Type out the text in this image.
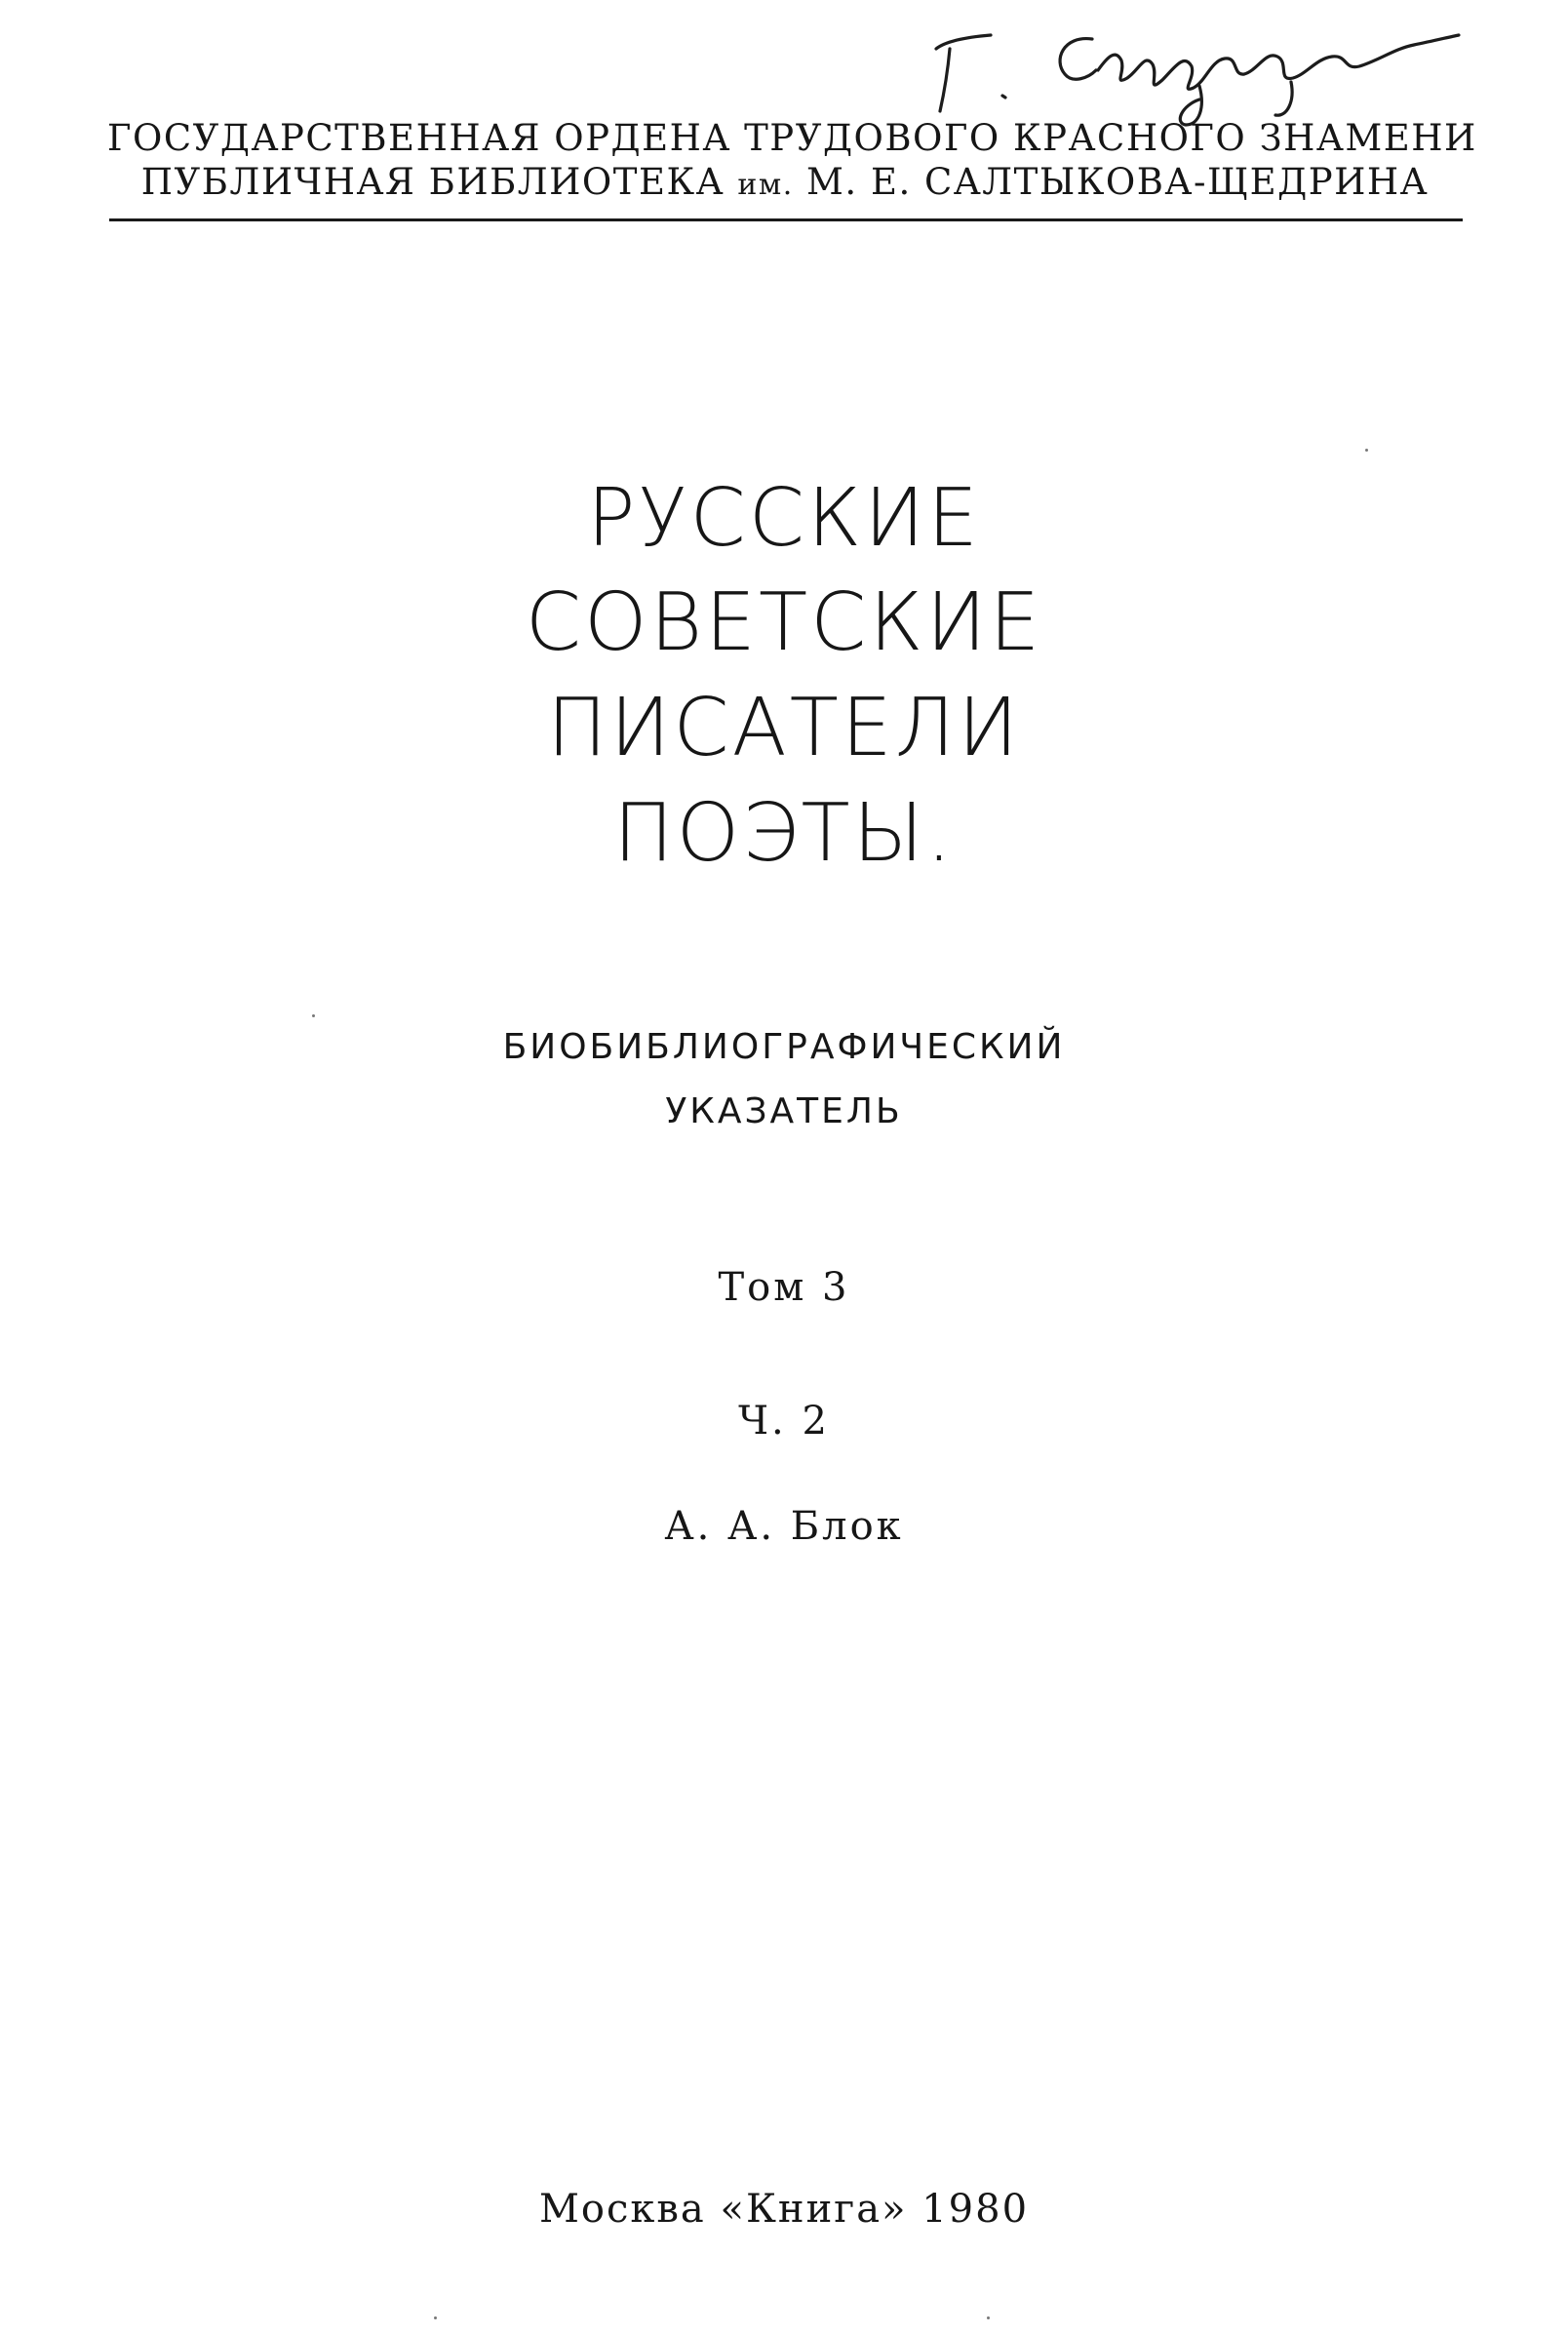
ГОСУДАРСТВЕННАЯ ОРДЕНА ТРУДОВОГО КРАСНОГО ЗНАМЕНИ
ПУБЛИЧНАЯ БИБЛИОТЕКА им. М. Е. САЛТЫКОВА-ЩЕДРИНА
РУССКИЕ
СОВЕТСКИЕ
ПИСАТЕЛИ
ПОЭТЫ.
БИОБИБЛИОГРАФИЧЕСКИЙ
УКАЗАТЕЛЬ
Том 3
Ч. 2
А. А. Блок
Москва «Книга» 1980
